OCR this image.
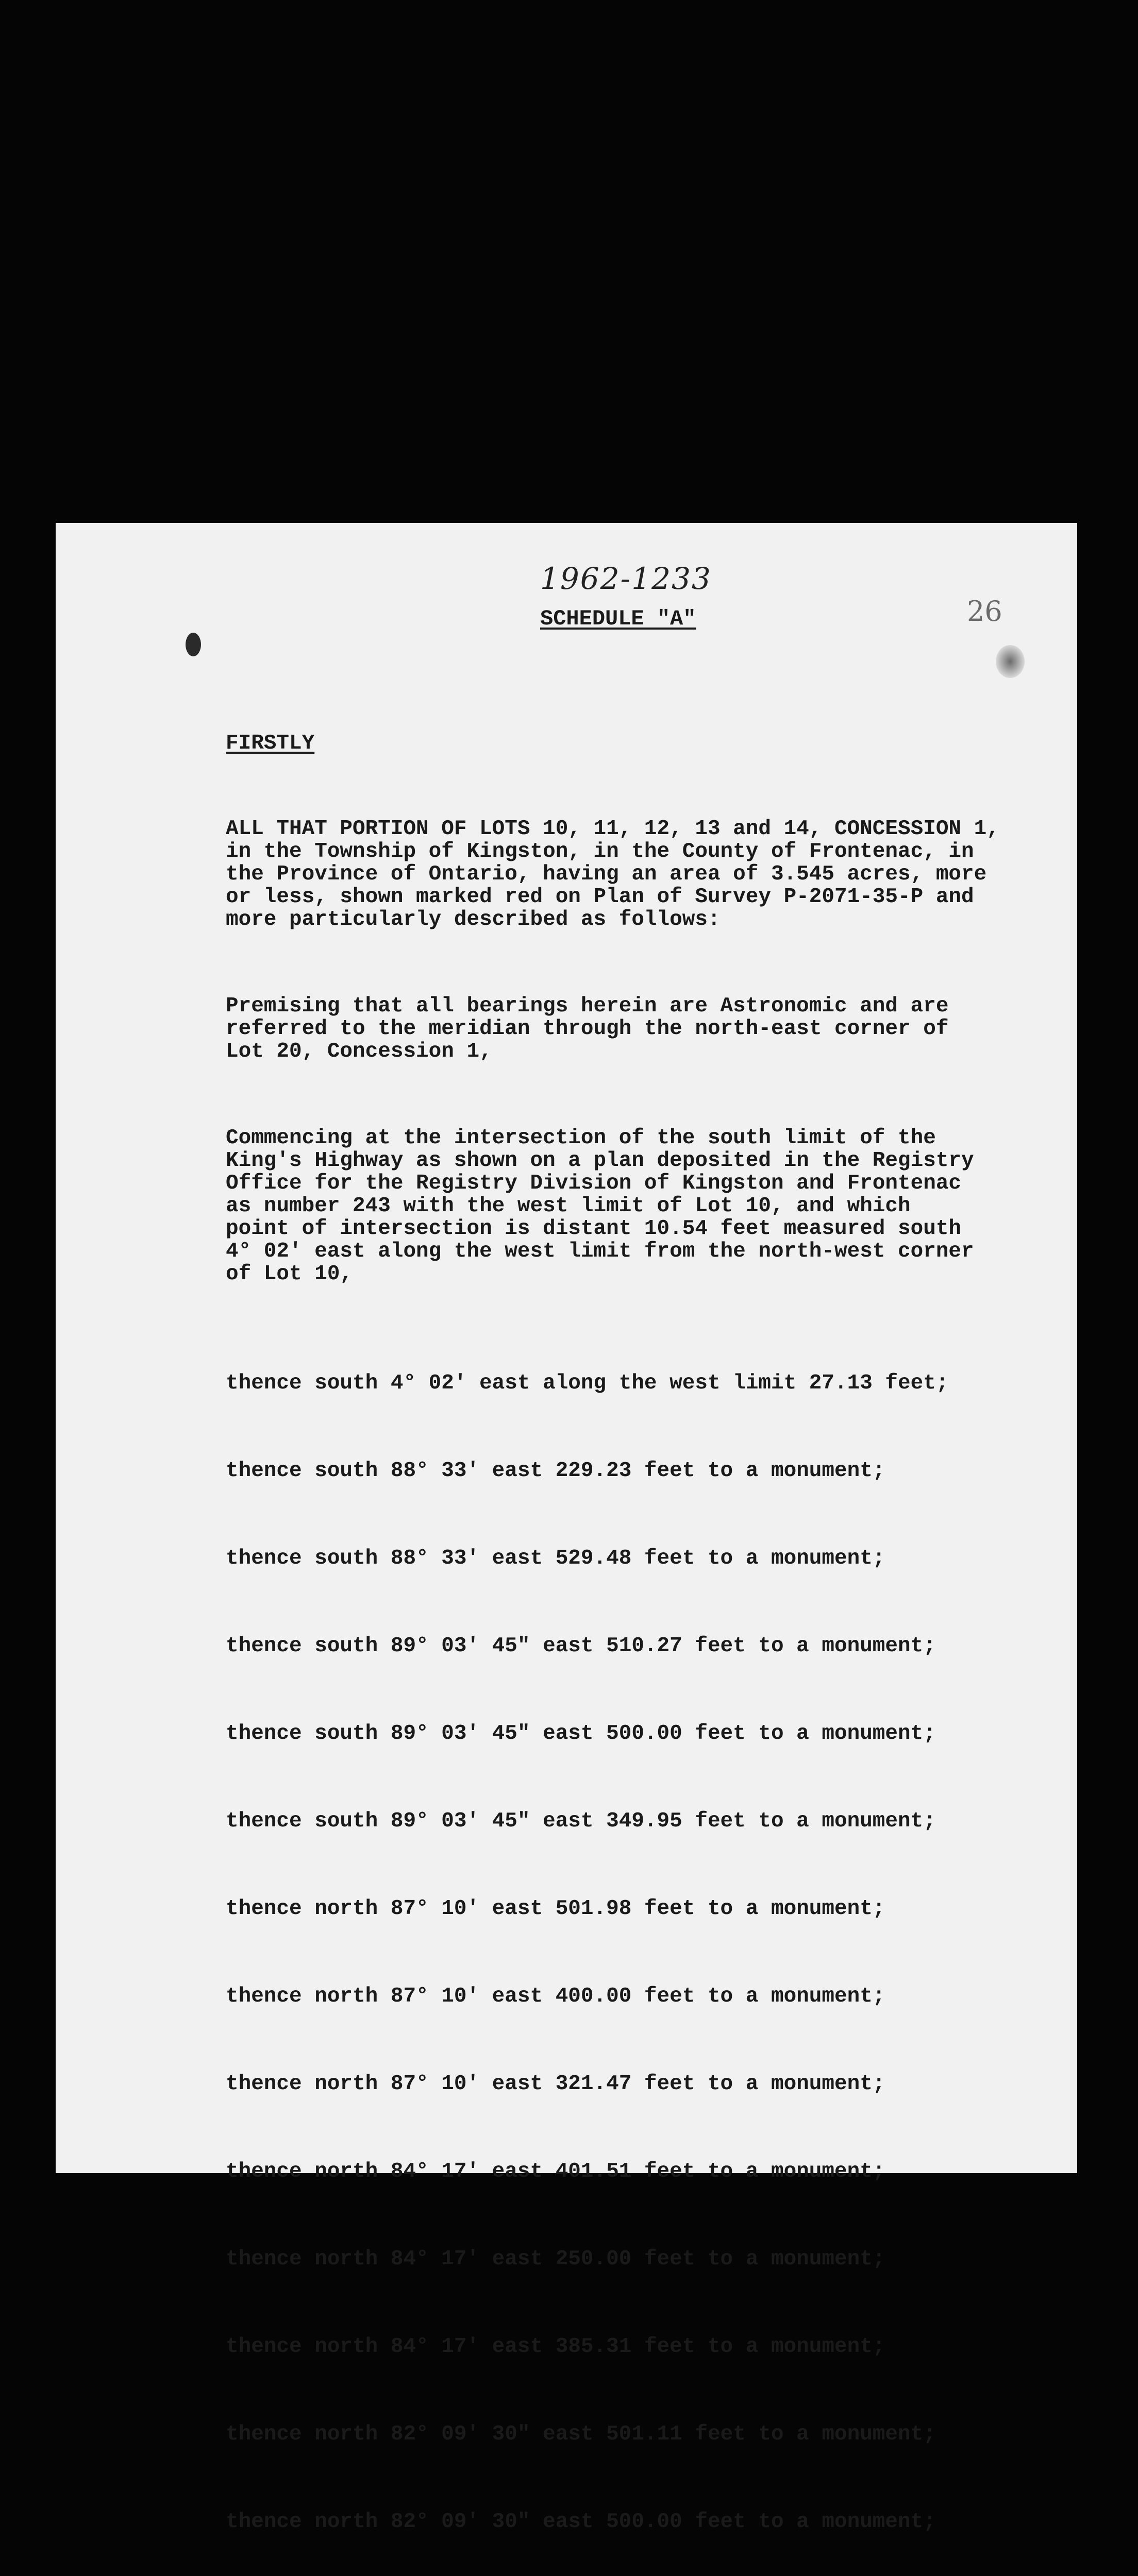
1962-1233
26
SCHEDULE "A"

FIRSTLY

ALL THAT PORTION OF LOTS 10, 11, 12, 13 and 14, CONCESSION 1,
in the Township of Kingston, in the County of Frontenac, in
the Province of Ontario, having an area of 3.545 acres, more
or less, shown marked red on Plan of Survey P-2071-35-P and
more particularly described as follows:

Premising that all bearings herein are Astronomic and are
referred to the meridian through the north-east corner of
Lot 20, Concession 1,

Commencing at the intersection of the south limit of the
King's Highway as shown on a plan deposited in the Registry
Office for the Registry Division of Kingston and Frontenac
as number 243 with the west limit of Lot 10, and which
point of intersection is distant 10.54 feet measured south
4° 02' east along the west limit from the north-west corner
of Lot 10,

thence south 4° 02' east along the west limit 27.13 feet;

thence south 88° 33' east 229.23 feet to a monument;

thence south 88° 33' east 529.48 feet to a monument;

thence south 89° 03' 45" east 510.27 feet to a monument;

thence south 89° 03' 45" east 500.00 feet to a monument;

thence south 89° 03' 45" east 349.95 feet to a monument;

thence north 87° 10' east 501.98 feet to a monument;

thence north 87° 10' east 400.00 feet to a monument;

thence north 87° 10' east 321.47 feet to a monument;

thence north 84° 17' east 401.51 feet to a monument;

thence north 84° 17' east 250.00 feet to a monument;

thence north 84° 17' east 385.31 feet to a monument;

thence north 82° 09' 30" east 501.11 feet to a monument;

thence north 82° 09' 30" east 500.00 feet to a monument;
